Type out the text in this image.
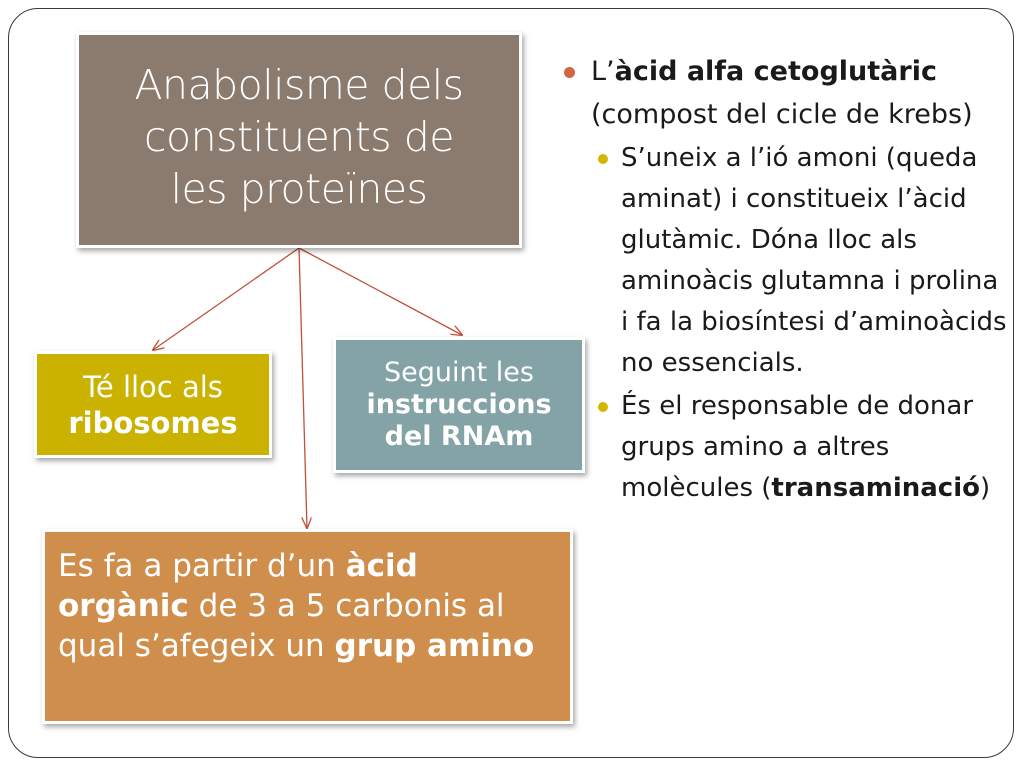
Anabolisme dels
constituents de
les proteïnes

Té lloc als
ribosomes
Seguint les
instruccions
del RNAm
Es fa a partir d’un àcid orgànic de 3 a 5 carbonis al qual s’afegeix un grup amino

L’àcid alfa cetoglutàric (compost del cicle de krebs)

S’uneix a l’ió amoni (queda aminat) i constitueix l’àcid glutàmic. Dóna lloc als aminoàcis glutamna i prolina i fa la biosíntesi d’aminoàcids no essencials.

És el responsable de donar grups amino a altres molècules (transaminació)
